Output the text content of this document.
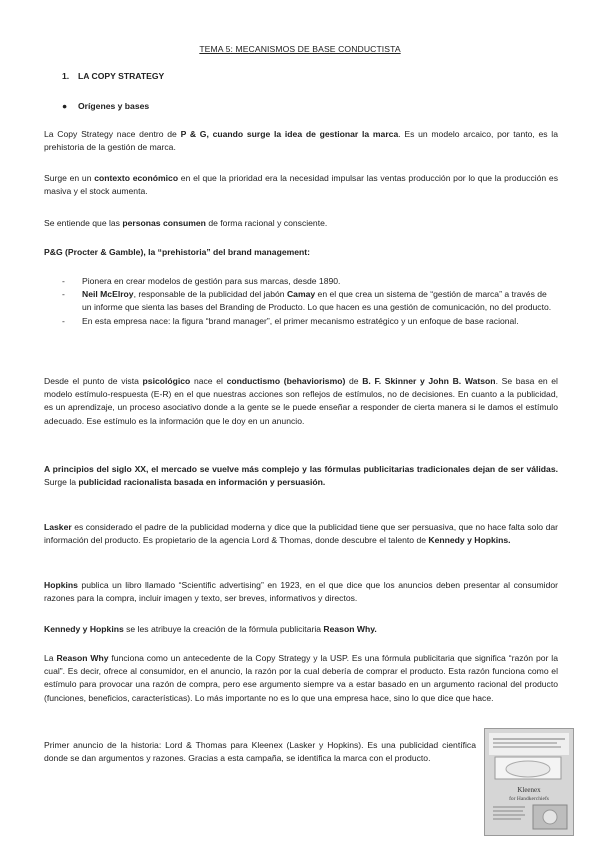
TEMA 5: MECANISMOS DE BASE CONDUCTISTA
1. LA COPY STRATEGY
● Orígenes y bases
La Copy Strategy nace dentro de P & G, cuando surge la idea de gestionar la marca. Es un modelo arcaico, por tanto, es la prehistoria de la gestión de marca.
Surge en un contexto económico en el que la prioridad era la necesidad impulsar las ventas producción por lo que la producción es masiva y el stock aumenta.
Se entiende que las personas consumen de forma racional y consciente.
P&G (Procter & Gamble), la “prehistoria” del brand management:
- Pionera en crear modelos de gestión para sus marcas, desde 1890.
- Neil McElroy, responsable de la publicidad del jabón Camay en el que crea un sistema de “gestión de marca” a través de un informe que sienta las bases del Branding de Producto. Lo que hacen es una gestión de comunicación, no del producto.
- En esta empresa nace: la figura “brand manager”, el primer mecanismo estratégico y un enfoque de base racional.
Desde el punto de vista psicológico nace el conductismo (behaviorismo) de B. F. Skinner y John B. Watson. Se basa en el modelo estímulo-respuesta (E-R) en el que nuestras acciones son reflejos de estímulos, no de decisiones. En cuanto a la publicidad, es un aprendizaje, un proceso asociativo donde a la gente se le puede enseñar a responder de cierta manera si le damos el estímulo adecuado. Ese estímulo es la información que le doy en un anuncio.
A principios del siglo XX, el mercado se vuelve más complejo y las fórmulas publicitarias tradicionales dejan de ser válidas. Surge la publicidad racionalista basada en información y persuasión.
Lasker es considerado el padre de la publicidad moderna y dice que la publicidad tiene que ser persuasiva, que no hace falta solo dar información del producto. Es propietario de la agencia Lord & Thomas, donde descubre el talento de Kennedy y Hopkins.
Hopkins publica un libro llamado “Scientific advertising” en 1923, en el que dice que los anuncios deben presentar al consumidor razones para la compra, incluir imagen y texto, ser breves, informativos y directos.
Kennedy y Hopkins se les atribuye la creación de la fórmula publicitaria Reason Why.
La Reason Why funciona como un antecedente de la Copy Strategy y la USP. Es una fórmula publicitaria que significa “razón por la cual”. Es decir, ofrece al consumidor, en el anuncio, la razón por la cual debería de comprar el producto. Esta razón funciona como el estímulo para provocar una razón de compra, pero ese argumento siempre va a estar basado en un argumento racional del producto (funciones, beneficios, características). Lo más importante no es lo que una empresa hace, sino lo que dice que hace.
Primer anuncio de la historia: Lord & Thomas para Kleenex (Lasker y Hopkins). Es una publicidad científica donde se dan argumentos y razones. Gracias a esta campaña, se identifica la marca con el producto.
Kleenex
for Handkerchiefs
